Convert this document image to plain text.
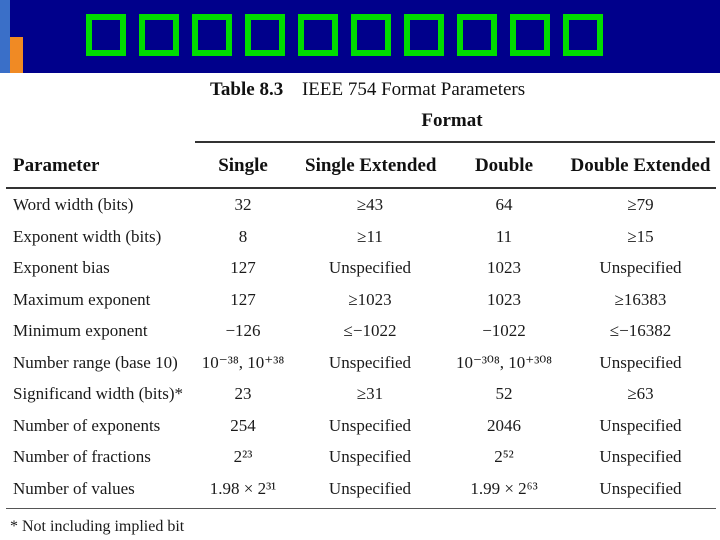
Table 8.3 IEEE 754 Format Parameters
Format
Parameter	Single	Single Extended	Double	Double Extended
Word width (bits)	32	≥43	64	≥79
Exponent width (bits)	8	≥11	11	≥15
Exponent bias	127	Unspecified	1023	Unspecified
Maximum exponent	127	≥1023	1023	≥16383
Minimum exponent	−126	≤−1022	−1022	≤−16382
Number range (base 10)	10⁻³⁸, 10⁺³⁸	Unspecified	10⁻³⁰⁸, 10⁺³⁰⁸	Unspecified
Significand width (bits)*	23	≥31	52	≥63
Number of exponents	254	Unspecified	2046	Unspecified
Number of fractions	2²³	Unspecified	2⁵²	Unspecified
Number of values	1.98 × 2³¹	Unspecified	1.99 × 2⁶³	Unspecified
* Not including implied bit
